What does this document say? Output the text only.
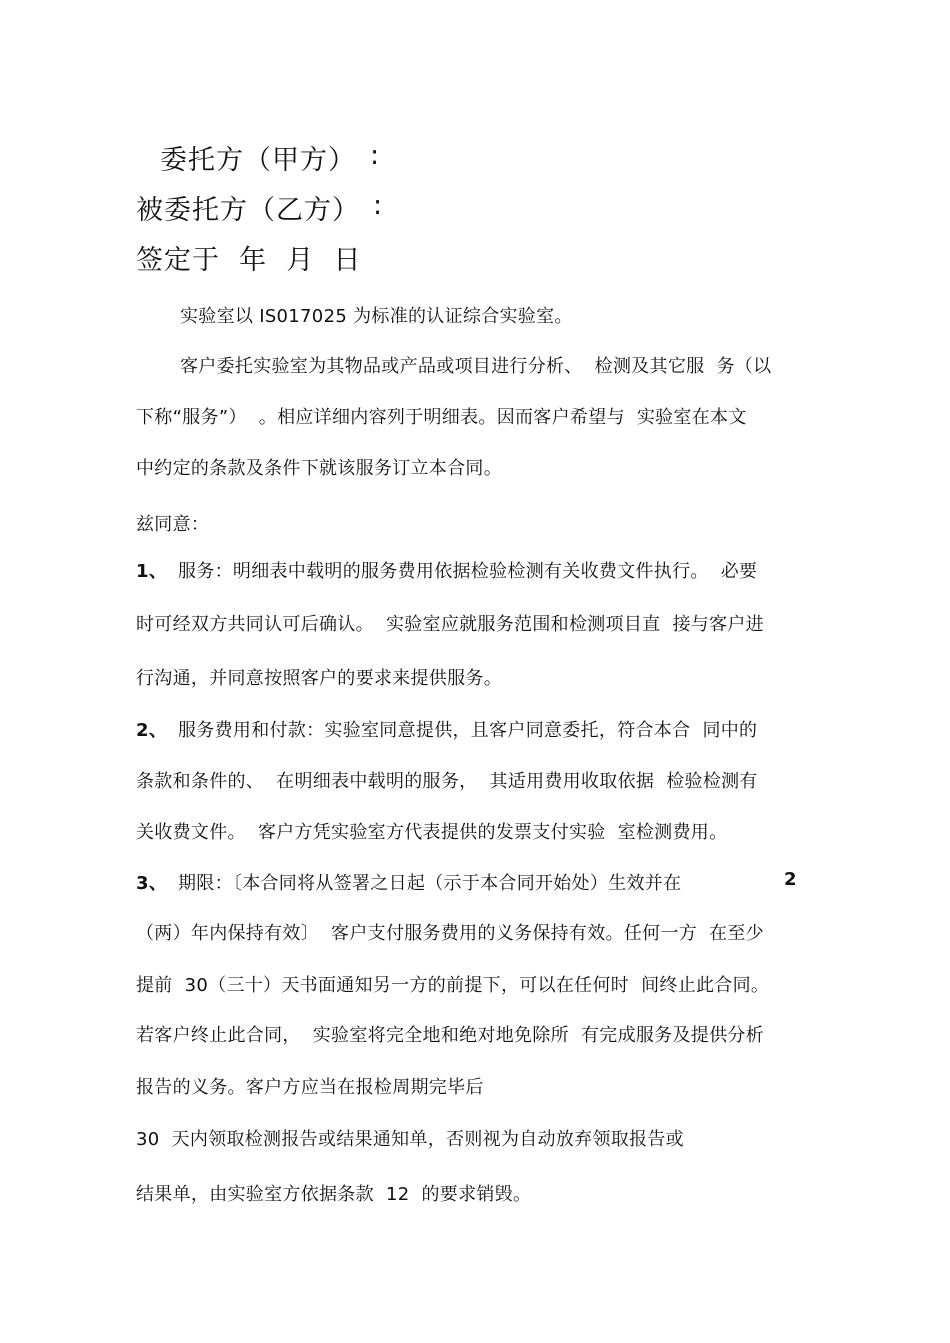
委托方（甲方） :
被委托方（乙方） :
签定于  年  月  日
实验室以 IS017025 为标准的认证综合实验室。
客户委托实验室为其物品或产品或项目进行分析、  检测及其它服  务（以
下称“服务”）  。相应详细内容列于明细表。因而客户希望与  实验室在本文
中约定的条款及条件下就该服务订立本合同。
兹同意：
1、 服务：明细表中载明的服务费用依据检验检测有关收费文件执行。  必要
时可经双方共同认可后确认。  实验室应就服务范围和检测项目直  接与客户进
行沟通，并同意按照客户的要求来提供服务。
2、 服务费用和付款：实验室同意提供，且客户同意委托，符合本合  同中的
条款和条件的、  在明细表中载明的服务，  其适用费用收取依据  检验检测有
关收费文件。  客户方凭实验室方代表提供的发票支付实验  室检测费用。
3、 期限：〔本合同将从签署之日起（示于本合同开始处）生效并在	2
（两）年内保持有效〕  客户支付服务费用的义务保持有效。任何一方  在至少
提前  30（三十）天书面通知另一方的前提下，可以在任何时  间终止此合同。
若客户终止此合同，  实验室将完全地和绝对地免除所  有完成服务及提供分析
报告的义务。客户方应当在报检周期完毕后
30  天内领取检测报告或结果通知单，否则视为自动放弃领取报告或
结果单，由实验室方依据条款  12  的要求销毁。
